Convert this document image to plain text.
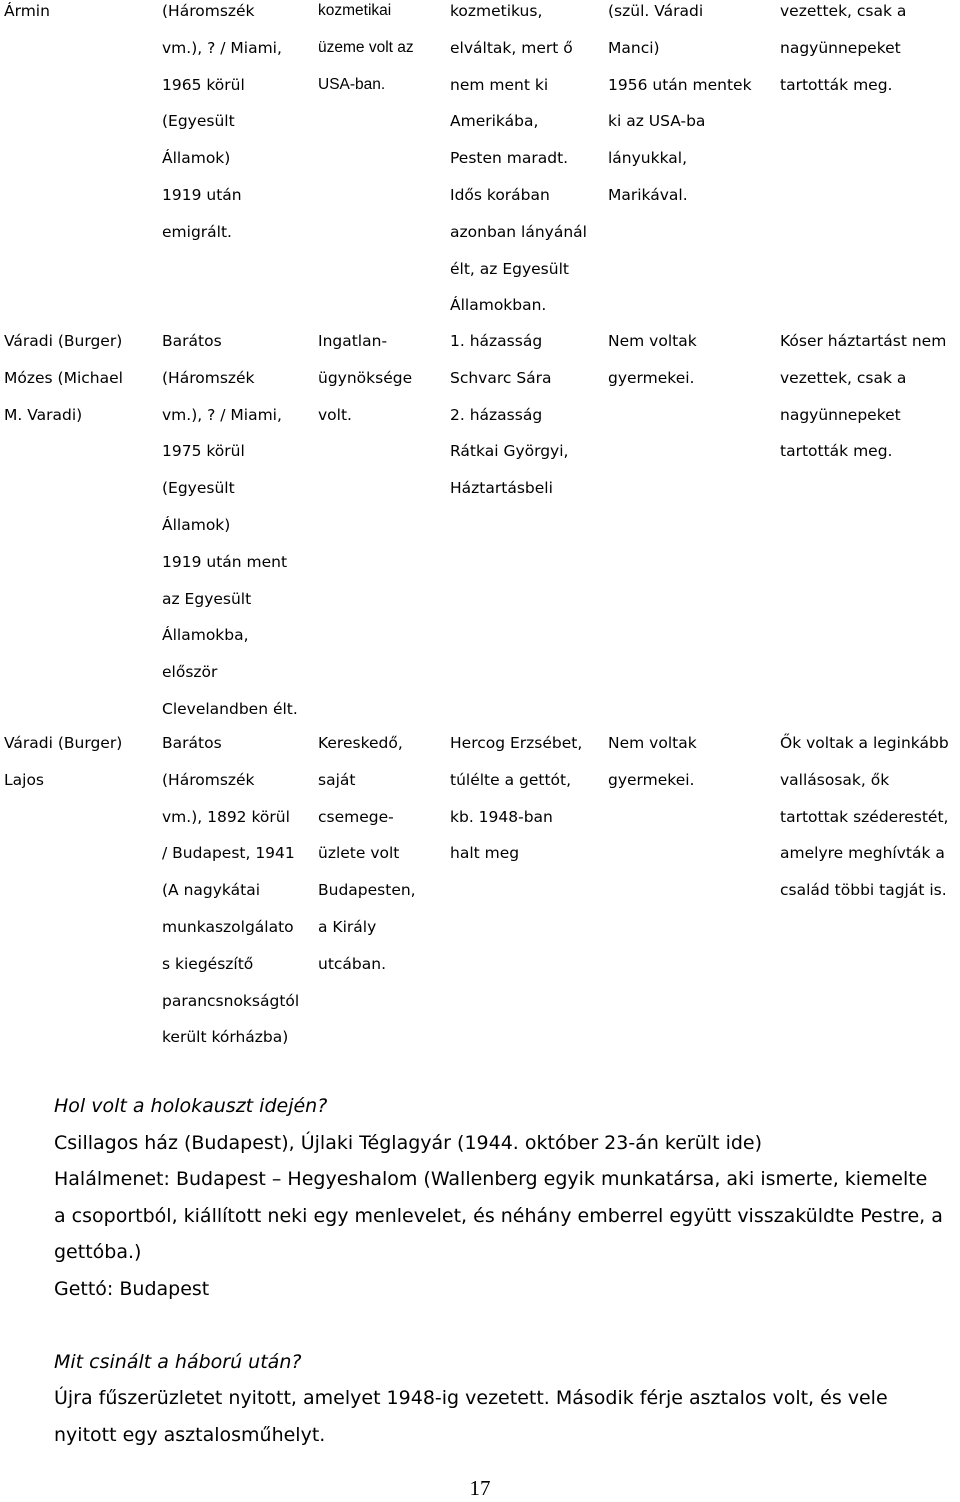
Ármin	(Háromszék
vm.), ? / Miami,
1965 körül
(Egyesült
Államok)
1919 után
emigrált.
kozmetikai
üzeme volt az
USA-ban.
kozmetikus,
elváltak, mert ő
nem ment ki
Amerikába,
Pesten maradt.
Idős korában
azonban lányánál
élt, az Egyesült
Államokban.
(szül. Váradi
Manci)
1956 után mentek
ki az USA-ba
lányukkal,
Marikával.
vezettek, csak a
nagyünnepeket
tartották meg.
Váradi (Burger)
Mózes (Michael
M. Varadi)
Barátos
(Háromszék
vm.), ? / Miami,
1975 körül
(Egyesült
Államok)
1919 után ment
az Egyesült
Államokba,
először
Clevelandben élt.
Ingatlan-
ügynöksége
volt.
1. házasság
Schvarc Sára
2. házasság
Rátkai Györgyi,
Háztartásbeli
Nem voltak
gyermekei.
Kóser háztartást nem
vezettek, csak a
nagyünnepeket
tartották meg.
Váradi (Burger)
Lajos
Barátos
(Háromszék
vm.), 1892 körül
/ Budapest, 1941
(A nagykátai
munkaszolgálato
s kiegészítő
parancsnokságtól
került kórházba)
Kereskedő,
saját
csemege-
üzlete volt
Budapesten,
a Király
utcában.
Hercog Erzsébet,
túlélte a gettót,
kb. 1948-ban
halt meg
Nem voltak
gyermekei.
Ők voltak a leginkább
vallásosak, ők
tartottak széderestét,
amelyre meghívták a
család többi tagját is.

Hol volt a holokauszt idején?

Csillagos ház (Budapest), Újlaki Téglagyár (1944. október 23-án került ide)

Halálmenet: Budapest – Hegyeshalom (Wallenberg egyik munkatársa, aki ismerte, kiemelte a csoportból, kiállított neki egy menlevelet, és néhány emberrel együtt visszaküldte Pestre, a gettóba.)

Gettó: Budapest

Mit csinált a háború után?

Újra fűszerüzletet nyitott, amelyet 1948-ig vezetett. Második férje asztalos volt, és vele nyitott egy asztalosműhelyt.

17
